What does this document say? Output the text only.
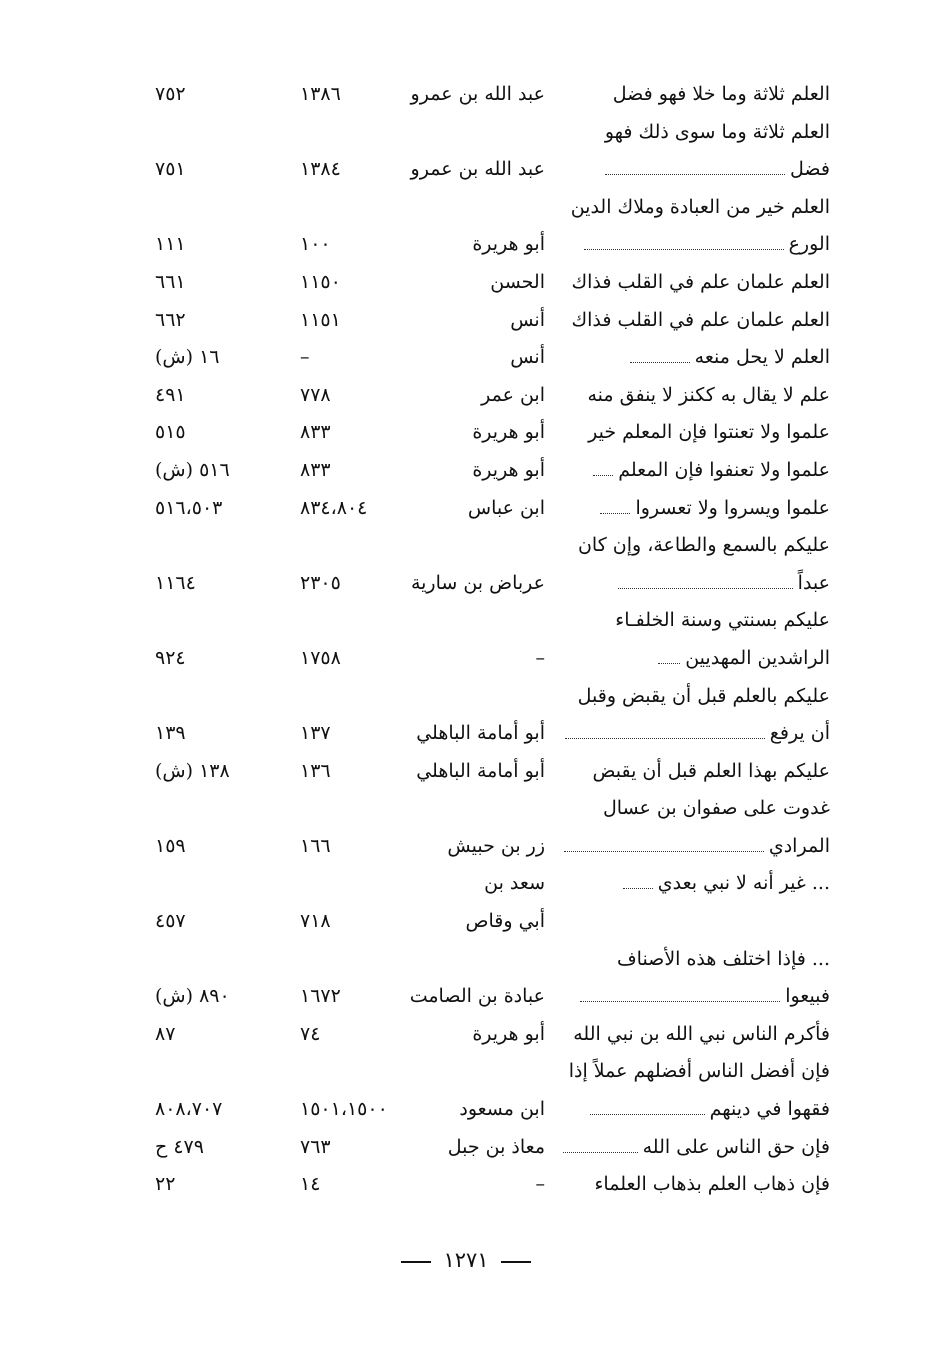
العلم ثلاثة وما خلا فهو فضل
عبد الله بن عمرو
١٣٨٦
٧٥٢
العلم ثلاثة وما سوى ذلك فهو
فضل
عبد الله بن عمرو
١٣٨٤
٧٥١
العلم خير من العبادة وملاك الدين
الورع
أبو هريرة
١٠٠
١١١
العلم علمان علم في القلب فذاك
الحسن
١١٥٠
٦٦١
العلم علمان علم في القلب فذاك
أنس
١١٥١
٦٦٢
العلم لا يحل منعه
أنس
–
١٦ (ش)
علم لا يقال به ككنز لا ينفق منه
ابن عمر
٧٧٨
٤٩١
علموا ولا تعنتوا فإن المعلم خير
أبو هريرة
٨٣٣
٥١٥
علموا ولا تعنفوا فإن المعلم
أبو هريرة
٨٣٣
٥١٦ (ش)
علموا ويسروا ولا تعسروا
ابن عباس
٨٣٤،٨٠٤
٥١٦،٥٠٣
عليكم بالسمع والطاعة، وإن كان
عبداً
عرباض بن سارية
٢٣٠٥
١١٦٤
عليكم بسنتي وسنة الخلفـاء
الراشدين المهديين
–
١٧٥٨
٩٢٤
عليكم بالعلم قبل أن يقبض وقبل
أن يرفع
أبو أمامة الباهلي
١٣٧
١٣٩
عليكم بهذا العلم قبل أن يقبض
أبو أمامة الباهلي
١٣٦
١٣٨ (ش)
غدوت على صفوان بن عسال
المرادي
زر بن حبيش
١٦٦
١٥٩
... غير أنه لا نبي بعدي
سعد بن
أبي وقاص
٧١٨
٤٥٧
... فإذا اختلف هذه الأصناف
فبيعوا
عبادة بن الصامت
١٦٧٢
٨٩٠ (ش)
فأكرم الناس نبي الله بن نبي الله
أبو هريرة
٧٤
٨٧
فإن أفضل الناس أفضلهم عملاً إذا
فقهوا في دينهم
ابن مسعود
١٥٠١،١٥٠٠
٨٠٨،٧٠٧
فإن حق الناس على الله
معاذ بن جبل
٧٦٣
٤٧٩ ح
فإن ذهاب العلم بذهاب العلماء
–
١٤
٢٢
١٢٧١
